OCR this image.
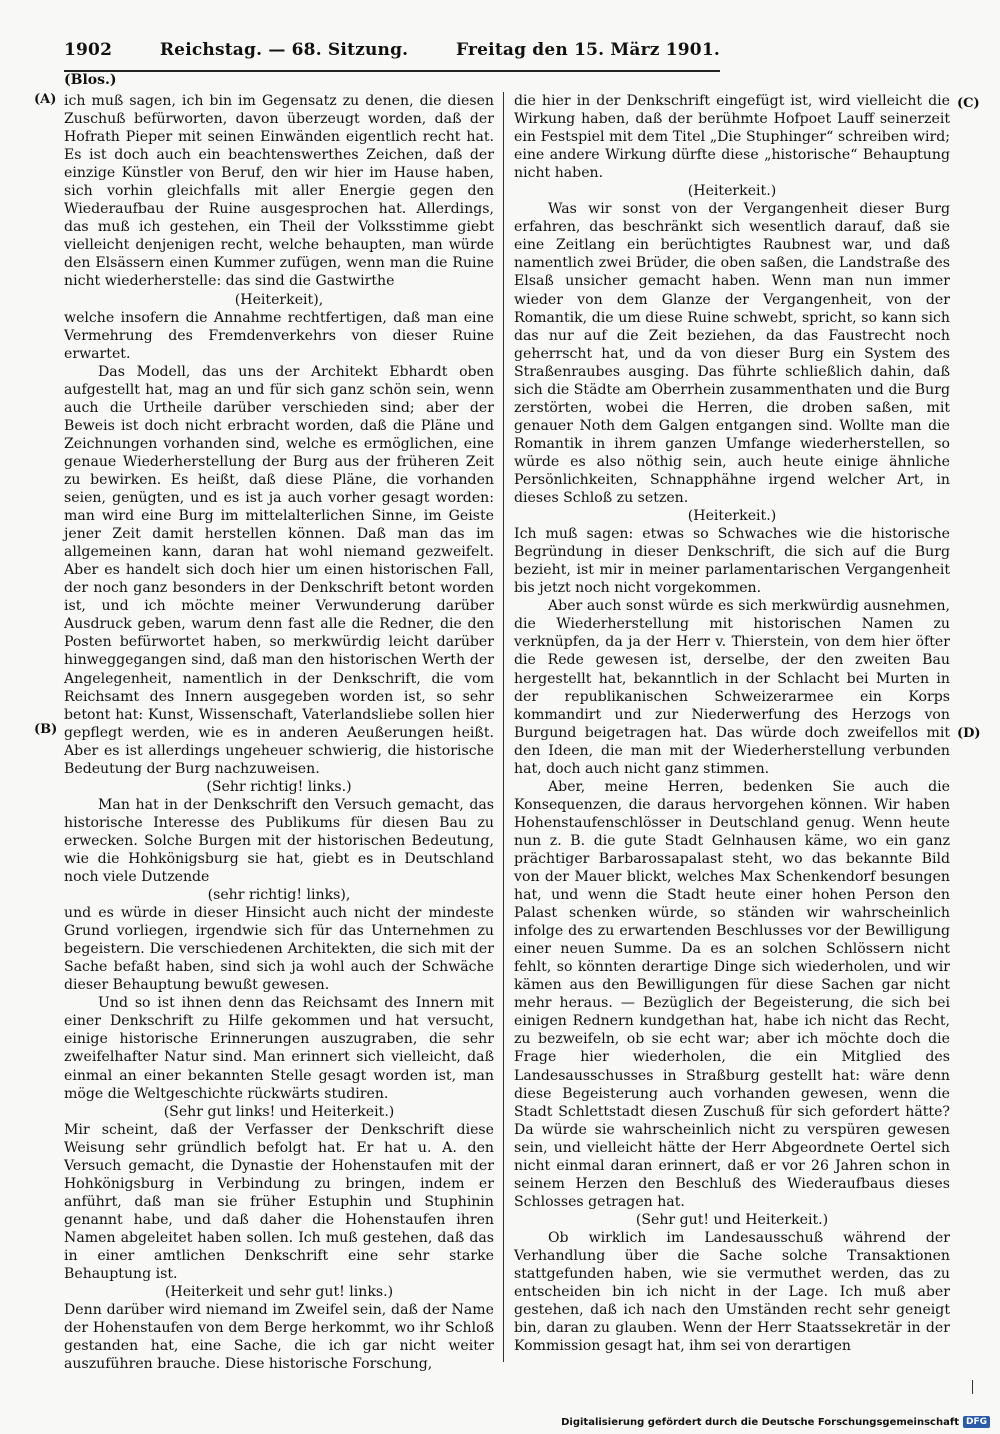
1902	Reichstag. — 68. Sitzung.	Freitag den 15. März 1901.
(Blos.)
(A)
(B)
(C)
(D)

ich muß sagen, ich bin im Gegensatz zu denen, die diesen Zuschuß befürworten, davon überzeugt worden, daß der Hofrath Pieper mit seinen Einwänden eigentlich recht hat. Es ist doch auch ein beachtenswerthes Zeichen, daß der einzige Künstler von Beruf, den wir hier im Hause haben, sich vorhin gleichfalls mit aller Energie gegen den Wiederaufbau der Ruine ausgesprochen hat. Allerdings, das muß ich gestehen, ein Theil der Volksstimme giebt vielleicht denjenigen recht, welche behaupten, man würde den Elsässern einen Kummer zufügen, wenn man die Ruine nicht wiederherstelle: das sind die Gastwirthe

(Heiterkeit),

welche insofern die Annahme rechtfertigen, daß man eine Vermehrung des Fremdenverkehrs von dieser Ruine erwartet.

Das Modell, das uns der Architekt Ebhardt oben aufgestellt hat, mag an und für sich ganz schön sein, wenn auch die Urtheile darüber verschieden sind; aber der Beweis ist doch nicht erbracht worden, daß die Pläne und Zeichnungen vorhanden sind, welche es ermöglichen, eine genaue Wiederherstellung der Burg aus der früheren Zeit zu bewirken. Es heißt, daß diese Pläne, die vorhanden seien, genügten, und es ist ja auch vorher gesagt worden: man wird eine Burg im mittelalterlichen Sinne, im Geiste jener Zeit damit herstellen können. Daß man das im allgemeinen kann, daran hat wohl niemand gezweifelt. Aber es handelt sich doch hier um einen historischen Fall, der noch ganz besonders in der Denkschrift betont worden ist, und ich möchte meiner Verwunderung darüber Ausdruck geben, warum denn fast alle die Redner, die den Posten befürwortet haben, so merkwürdig leicht darüber hinweggegangen sind, daß man den historischen Werth der Angelegenheit, namentlich in der Denkschrift, die vom Reichsamt des Innern ausgegeben worden ist, so sehr betont hat: Kunst, Wissenschaft, Vaterlandsliebe sollen hier gepflegt werden, wie es in anderen Aeußerungen heißt. Aber es ist allerdings ungeheuer schwierig, die historische Bedeutung der Burg nachzuweisen.

(Sehr richtig! links.)

Man hat in der Denkschrift den Versuch gemacht, das historische Interesse des Publikums für diesen Bau zu erwecken. Solche Burgen mit der historischen Bedeutung, wie die Hohkönigsburg sie hat, giebt es in Deutschland noch viele Dutzende

(sehr richtig! links),

und es würde in dieser Hinsicht auch nicht der mindeste Grund vorliegen, irgendwie sich für das Unternehmen zu begeistern. Die verschiedenen Architekten, die sich mit der Sache befaßt haben, sind sich ja wohl auch der Schwäche dieser Behauptung bewußt gewesen.

Und so ist ihnen denn das Reichsamt des Innern mit einer Denkschrift zu Hilfe gekommen und hat versucht, einige historische Erinnerungen auszugraben, die sehr zweifelhafter Natur sind. Man erinnert sich vielleicht, daß einmal an einer bekannten Stelle gesagt worden ist, man möge die Weltgeschichte rückwärts studiren.

(Sehr gut links! und Heiterkeit.)

Mir scheint, daß der Verfasser der Denkschrift diese Weisung sehr gründlich befolgt hat. Er hat u. A. den Versuch gemacht, die Dynastie der Hohenstaufen mit der Hohkönigsburg in Verbindung zu bringen, indem er anführt, daß man sie früher Estuphin und Stuphinin genannt habe, und daß daher die Hohenstaufen ihren Namen abgeleitet haben sollen. Ich muß gestehen, daß das in einer amtlichen Denkschrift eine sehr starke Behauptung ist.

(Heiterkeit und sehr gut! links.)

Denn darüber wird niemand im Zweifel sein, daß der Name der Hohenstaufen von dem Berge herkommt, wo ihr Schloß gestanden hat, eine Sache, die ich gar nicht weiter auszuführen brauche. Diese historische Forschung,

die hier in der Denkschrift eingefügt ist, wird vielleicht die Wirkung haben, daß der berühmte Hofpoet Lauff seinerzeit ein Festspiel mit dem Titel „Die Stuphinger“ schreiben wird; eine andere Wirkung dürfte diese „historische“ Behauptung nicht haben.

(Heiterkeit.)

Was wir sonst von der Vergangenheit dieser Burg erfahren, das beschränkt sich wesentlich darauf, daß sie eine Zeitlang ein berüchtigtes Raubnest war, und daß namentlich zwei Brüder, die oben saßen, die Landstraße des Elsaß unsicher gemacht haben. Wenn man nun immer wieder von dem Glanze der Vergangenheit, von der Romantik, die um diese Ruine schwebt, spricht, so kann sich das nur auf die Zeit beziehen, da das Faustrecht noch geherrscht hat, und da von dieser Burg ein System des Straßenraubes ausging. Das führte schließlich dahin, daß sich die Städte am Oberrhein zusammenthaten und die Burg zerstörten, wobei die Herren, die droben saßen, mit genauer Noth dem Galgen entgangen sind. Wollte man die Romantik in ihrem ganzen Umfange wiederherstellen, so würde es also nöthig sein, auch heute einige ähnliche Persönlichkeiten, Schnapphähne irgend welcher Art, in dieses Schloß zu setzen.

(Heiterkeit.)

Ich muß sagen: etwas so Schwaches wie die historische Begründung in dieser Denkschrift, die sich auf die Burg bezieht, ist mir in meiner parlamentarischen Vergangenheit bis jetzt noch nicht vorgekommen.

Aber auch sonst würde es sich merkwürdig ausnehmen, die Wiederherstellung mit historischen Namen zu verknüpfen, da ja der Herr v. Thierstein, von dem hier öfter die Rede gewesen ist, derselbe, der den zweiten Bau hergestellt hat, bekanntlich in der Schlacht bei Murten in der republikanischen Schweizerarmee ein Korps kommandirt und zur Niederwerfung des Herzogs von Burgund beigetragen hat. Das würde doch zweifellos mit den Ideen, die man mit der Wiederherstellung verbunden hat, doch auch nicht ganz stimmen.

Aber, meine Herren, bedenken Sie auch die Konsequenzen, die daraus hervorgehen können. Wir haben Hohenstaufenschlösser in Deutschland genug. Wenn heute nun z. B. die gute Stadt Gelnhausen käme, wo ein ganz prächtiger Barbarossapalast steht, wo das bekannte Bild von der Mauer blickt, welches Max Schenkendorf besungen hat, und wenn die Stadt heute einer hohen Person den Palast schenken würde, so ständen wir wahrscheinlich infolge des zu erwartenden Beschlusses vor der Bewilligung einer neuen Summe. Da es an solchen Schlössern nicht fehlt, so könnten derartige Dinge sich wiederholen, und wir kämen aus den Bewilligungen für diese Sachen gar nicht mehr heraus. — Bezüglich der Begeisterung, die sich bei einigen Rednern kundgethan hat, habe ich nicht das Recht, zu bezweifeln, ob sie echt war; aber ich möchte doch die Frage hier wiederholen, die ein Mitglied des Landesausschusses in Straßburg gestellt hat: wäre denn diese Begeisterung auch vorhanden gewesen, wenn die Stadt Schlettstadt diesen Zuschuß für sich gefordert hätte? Da würde sie wahrscheinlich nicht zu verspüren gewesen sein, und vielleicht hätte der Herr Abgeordnete Oertel sich nicht einmal daran erinnert, daß er vor 26 Jahren schon in seinem Herzen den Beschluß des Wiederaufbaus dieses Schlosses getragen hat.

(Sehr gut! und Heiterkeit.)

Ob wirklich im Landesausschuß während der Verhandlung über die Sache solche Transaktionen stattgefunden haben, wie sie vermuthet werden, das zu entscheiden bin ich nicht in der Lage. Ich muß aber gestehen, daß ich nach den Umständen recht sehr geneigt bin, daran zu glauben. Wenn der Herr Staatssekretär in der Kommission gesagt hat, ihm sei von derartigen

Digitalisierung gefördert durch die Deutsche Forschungsgemeinschaft DFG
